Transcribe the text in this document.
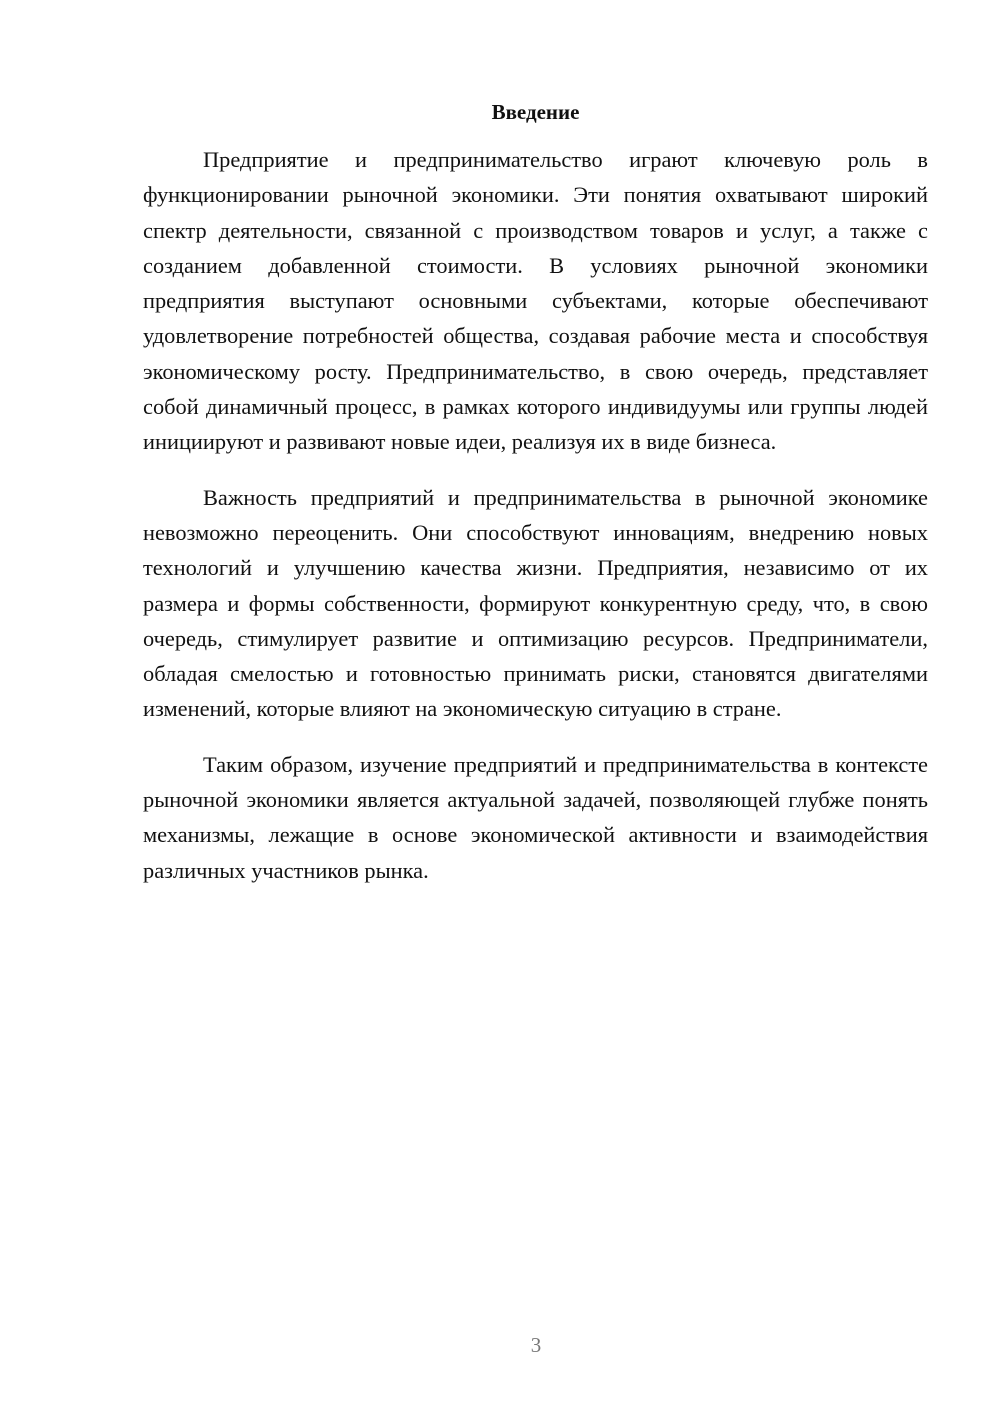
Введение

Предприятие и предпринимательство играют ключевую роль в функционировании рыночной экономики. Эти понятия охватывают широкий спектр деятельности, связанной с производством товаров и услуг, а также с созданием добавленной стоимости. В условиях рыночной экономики предприятия выступают основными субъектами, которые обеспечивают удовлетворение потребностей общества, создавая рабочие места и способствуя экономическому росту. Предпринимательство, в свою очередь, представляет собой динамичный процесс, в рамках которого индивидуумы или группы людей инициируют и развивают новые идеи, реализуя их в виде бизнеса.

Важность предприятий и предпринимательства в рыночной экономике невозможно переоценить. Они способствуют инновациям, внедрению новых технологий и улучшению качества жизни. Предприятия, независимо от их размера и формы собственности, формируют конкурентную среду, что, в свою очередь, стимулирует развитие и оптимизацию ресурсов. Предприниматели, обладая смелостью и готовностью принимать риски, становятся двигателями изменений, которые влияют на экономическую ситуацию в стране.

Таким образом, изучение предприятий и предпринимательства в контексте рыночной экономики является актуальной задачей, позволяющей глубже понять механизмы, лежащие в основе экономической активности и взаимодействия различных участников рынка.

3
